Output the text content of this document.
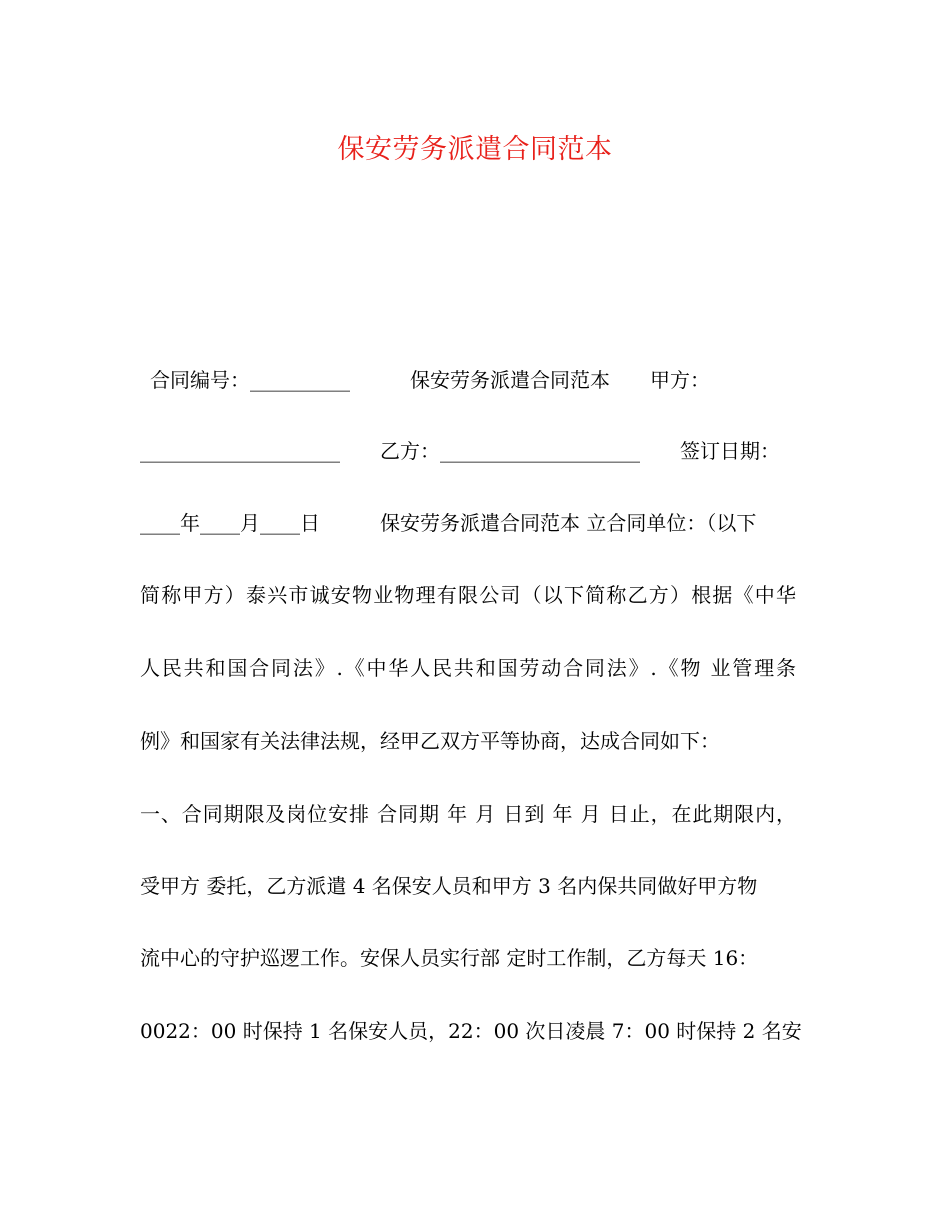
保安劳务派遣合同范本
合同编号：__________　　　保安劳务派遣合同范本　　甲方：
____________________　　乙方：____________________　　签订日期：
____年____月____日　　　保安劳务派遣合同范本 立合同单位：（以下
简称甲方）泰兴市诚安物业物理有限公司（以下简称乙方）根据《中华
人民共和国合同法》.《中华人民共和国劳动合同法》.《物 业管理条
例》和国家有关法律法规，经甲乙双方平等协商，达成合同如下：
一、合同期限及岗位安排 合同期 年 月 日到 年 月 日止，在此期限内，
受甲方 委托，乙方派遣 4 名保安人员和甲方 3 名内保共同做好甲方物
流中心的守护巡逻工作。安保人员实行部 定时工作制，乙方每天 16：
0022：00 时保持 1 名保安人员，22：00 次日凌晨 7：00 时保持 2 名安
